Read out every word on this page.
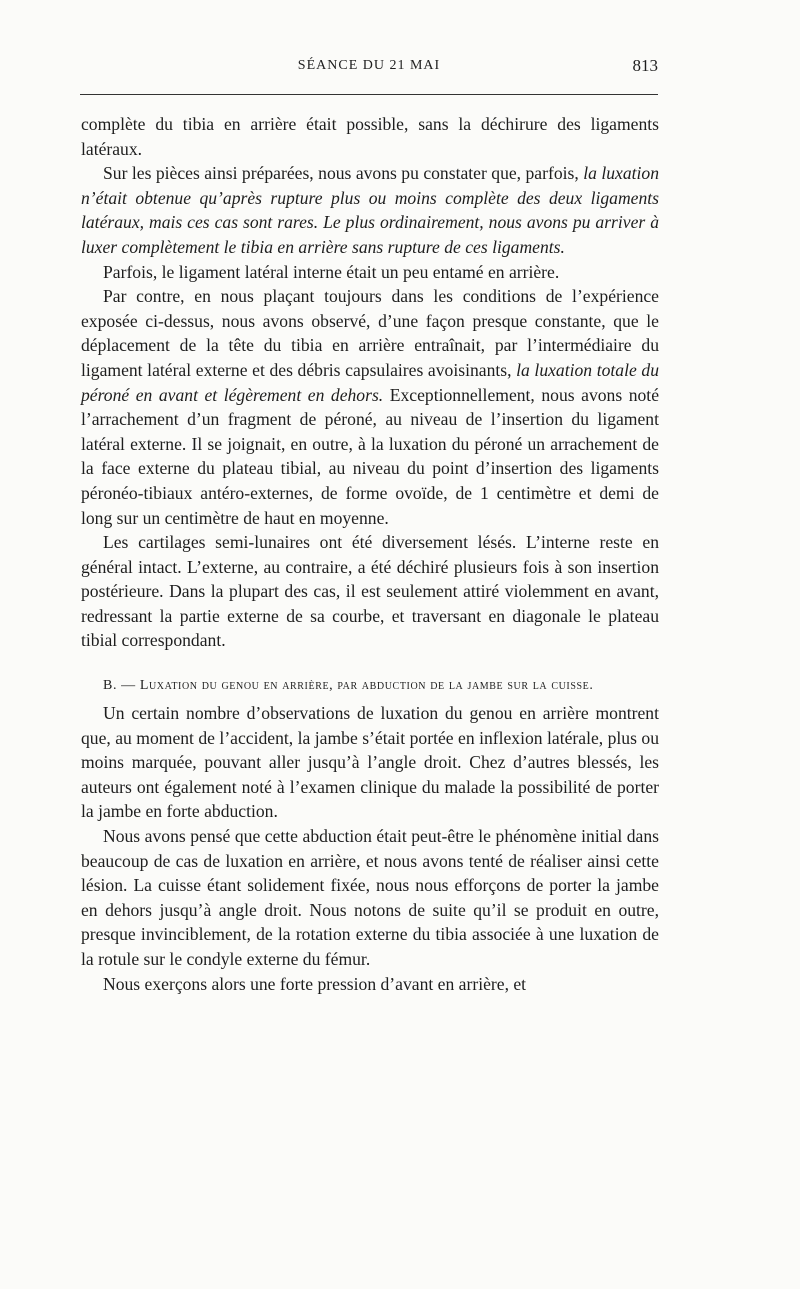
SÉANCE DU 21 MAI	813

complète du tibia en arrière était possible, sans la déchirure des ligaments latéraux.

Sur les pièces ainsi préparées, nous avons pu constater que, parfois, la luxation n’était obtenue qu’après rupture plus ou moins complète des deux ligaments latéraux, mais ces cas sont rares. Le plus ordinairement, nous avons pu arriver à luxer complètement le tibia en arrière sans rupture de ces ligaments.

Parfois, le ligament latéral interne était un peu entamé en arrière.

Par contre, en nous plaçant toujours dans les conditions de l’expérience exposée ci-dessus, nous avons observé, d’une façon presque constante, que le déplacement de la tête du tibia en arrière entraînait, par l’intermédiaire du ligament latéral externe et des débris capsulaires avoisinants, la luxation totale du péroné en avant et légèrement en dehors. Exceptionnellement, nous avons noté l’arrachement d’un fragment de péroné, au niveau de l’insertion du ligament latéral externe. Il se joignait, en outre, à la luxation du péroné un arrachement de la face externe du plateau tibial, au niveau du point d’insertion des ligaments péronéo-tibiaux antéro-externes, de forme ovoïde, de 1 centimètre et demi de long sur un centimètre de haut en moyenne.

Les cartilages semi-lunaires ont été diversement lésés. L’interne reste en général intact. L’externe, au contraire, a été déchiré plusieurs fois à son insertion postérieure. Dans la plupart des cas, il est seulement attiré violemment en avant, redressant la partie externe de sa courbe, et traversant en diagonale le plateau tibial correspondant.

B. — Luxation du genou en arrière, par abduction de la jambe sur la cuisse.

Un certain nombre d’observations de luxation du genou en arrière montrent que, au moment de l’accident, la jambe s’était portée en inflexion latérale, plus ou moins marquée, pouvant aller jusqu’à l’angle droit. Chez d’autres blessés, les auteurs ont également noté à l’examen clinique du malade la possibilité de porter la jambe en forte abduction.

Nous avons pensé que cette abduction était peut-être le phénomène initial dans beaucoup de cas de luxation en arrière, et nous avons tenté de réaliser ainsi cette lésion. La cuisse étant solidement fixée, nous nous efforçons de porter la jambe en dehors jusqu’à angle droit. Nous notons de suite qu’il se produit en outre, presque invinciblement, de la rotation externe du tibia associée à une luxation de la rotule sur le condyle externe du fémur.

Nous exerçons alors une forte pression d’avant en arrière, et
